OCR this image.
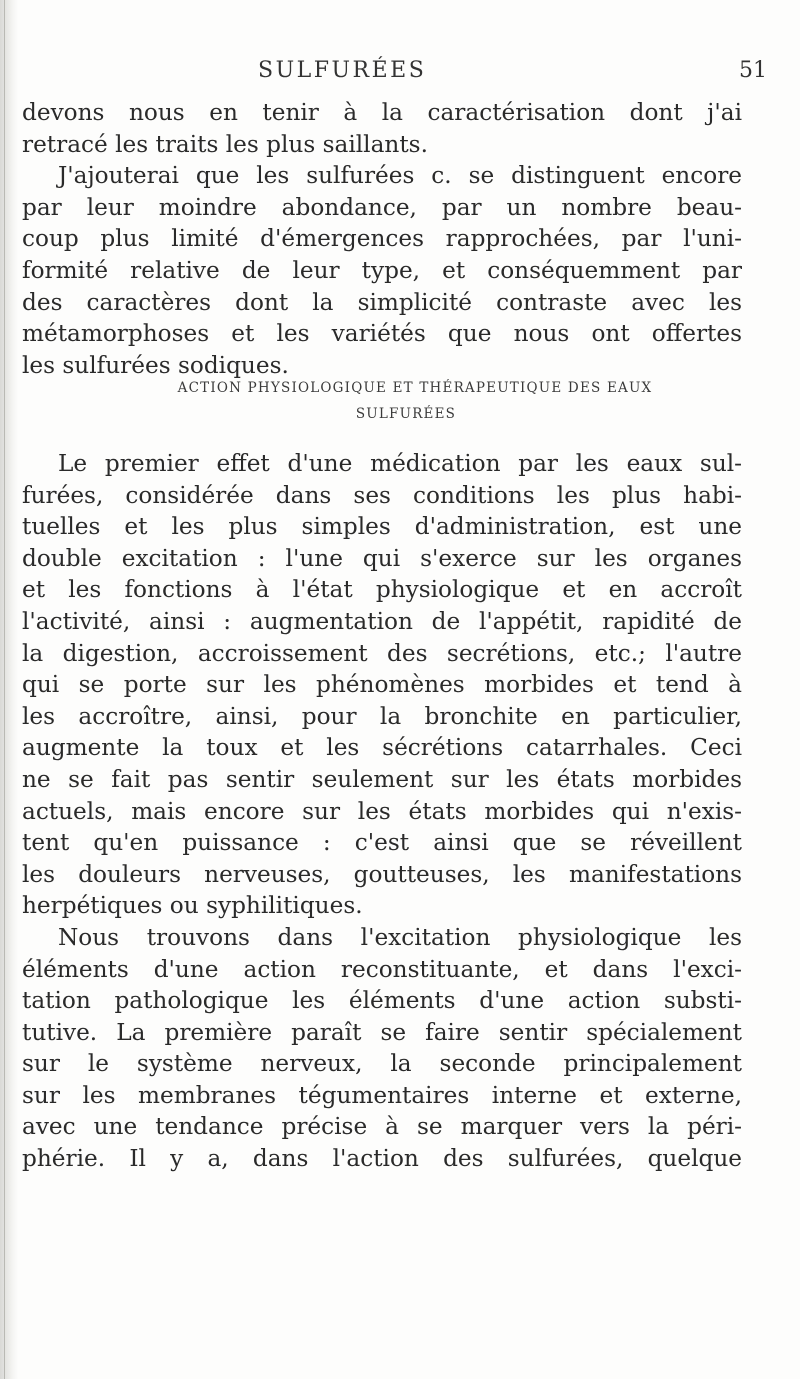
SULFURÉES	51
devons nous en tenir à la caractérisation dont j'ai
retracé les traits les plus saillants.
J'ajouterai que les sulfurées c. se distinguent encore
par leur moindre abondance, par un nombre beau-
coup plus limité d'émergences rapprochées, par l'uni-
formité relative de leur type, et conséquemment par
des caractères dont la simplicité contraste avec les
métamorphoses et les variétés que nous ont offertes
les sulfurées sodiques.
ACTION PHYSIOLOGIQUE ET THÉRAPEUTIQUE DES EAUX
SULFURÉES
Le premier effet d'une médication par les eaux sul-
furées, considérée dans ses conditions les plus habi-
tuelles et les plus simples d'administration, est une
double excitation : l'une qui s'exerce sur les organes
et les fonctions à l'état physiologique et en accroît
l'activité, ainsi : augmentation de l'appétit, rapidité de
la digestion, accroissement des secrétions, etc.; l'autre
qui se porte sur les phénomènes morbides et tend à
les accroître, ainsi, pour la bronchite en particulier,
augmente la toux et les sécrétions catarrhales. Ceci
ne se fait pas sentir seulement sur les états morbides
actuels, mais encore sur les états morbides qui n'exis-
tent qu'en puissance : c'est ainsi que se réveillent
les douleurs nerveuses, goutteuses, les manifestations
herpétiques ou syphilitiques.
Nous trouvons dans l'excitation physiologique les
éléments d'une action reconstituante, et dans l'exci-
tation pathologique les éléments d'une action substi-
tutive. La première paraît se faire sentir spécialement
sur le système nerveux, la seconde principalement
sur les membranes tégumentaires interne et externe,
avec une tendance précise à se marquer vers la péri-
phérie. Il y a, dans l'action des sulfurées, quelque
